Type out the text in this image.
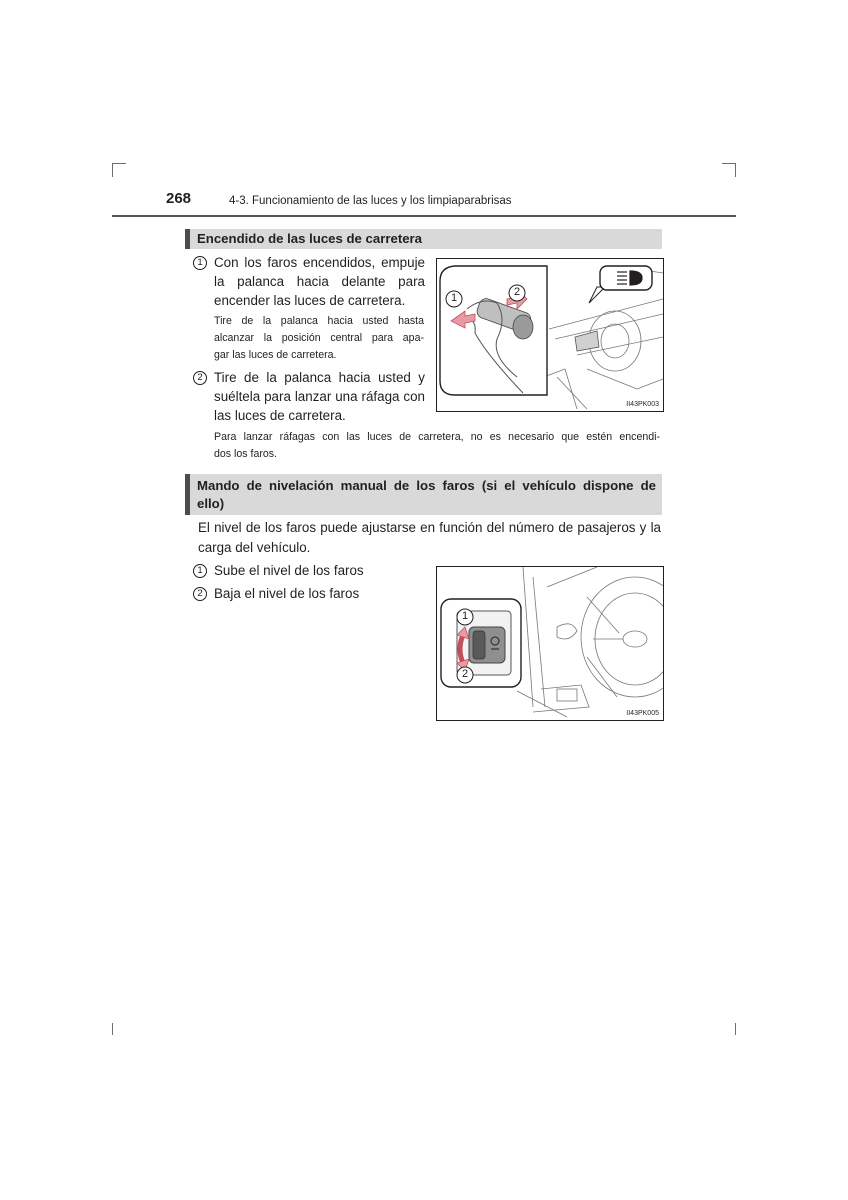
268	4-3. Funcionamiento de las luces y los limpiaparabrisas
Encendido de las luces de carretera
1 Con los faros encendidos, empuje
la palanca hacia delante para
encender las luces de carretera.
Tire de la palanca hacia usted hasta
alcanzar la posición central para apa-
gar las luces de carretera.
2 Tire de la palanca hacia usted y
suéltela para lanzar una ráfaga con
las luces de carretera.
Para lanzar ráfagas con las luces de carretera, no es necesario que estén encendi-
dos los faros.
1	2
II43PK003
Mando de nivelación manual de los faros (si el vehículo dispone de
ello)
El nivel de los faros puede ajustarse en función del número de pasajeros y la
carga del vehículo.
1 Sube el nivel de los faros
2 Baja el nivel de los faros
1
2
II43PK005
